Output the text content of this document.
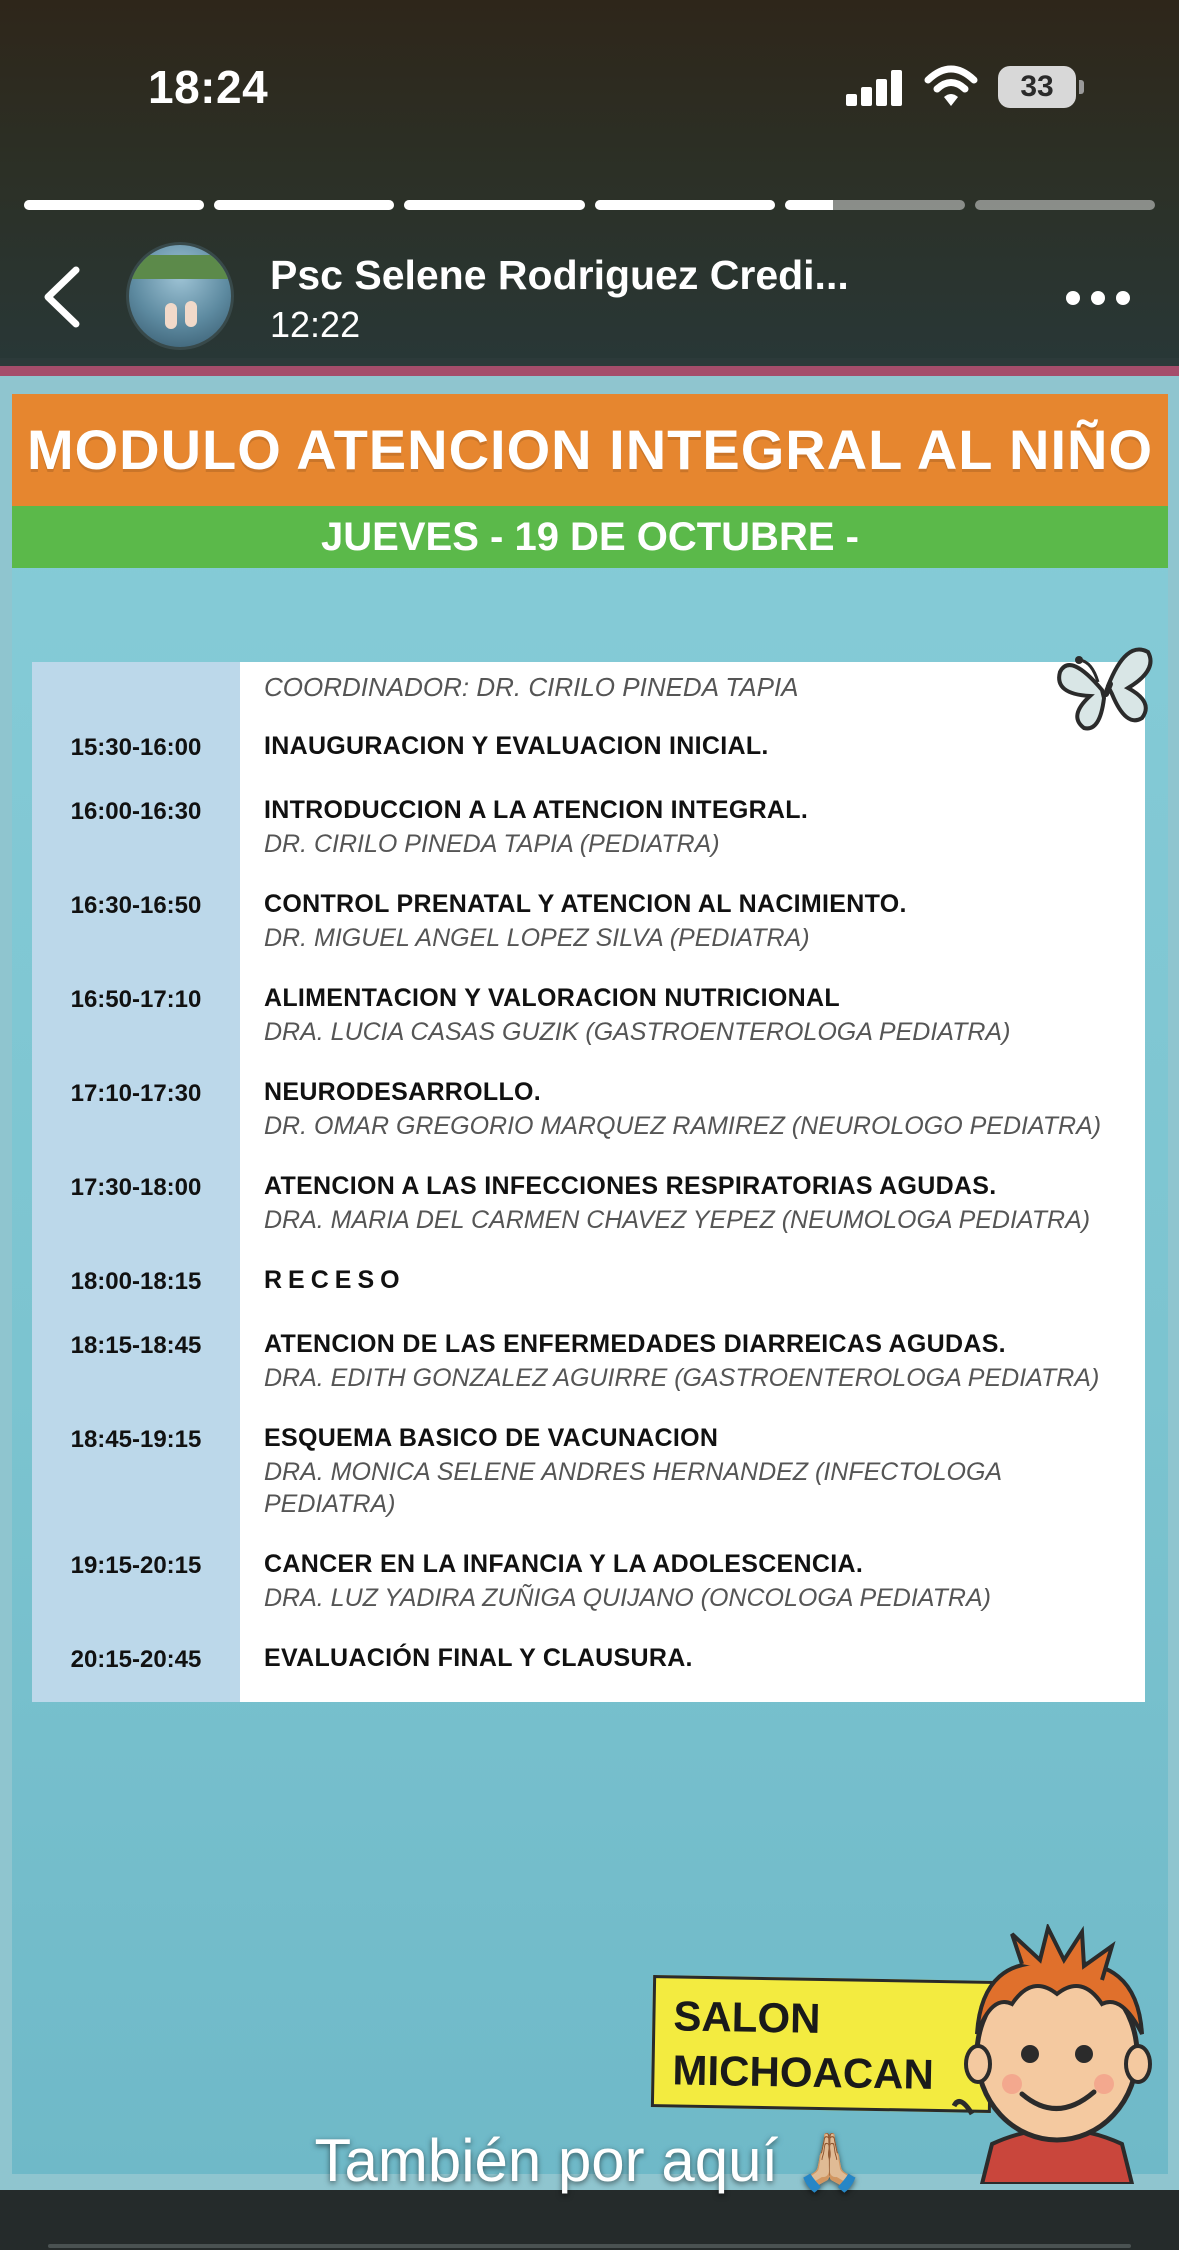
18:24	33
Psc Selene Rodriguez Credi...
12:22
MODULO ATENCION INTEGRAL AL NIÑO
JUEVES - 19 DE OCTUBRE -
COORDINADOR: DR. CIRILO PINEDA TAPIA
15:30-16:00	INAUGURACION Y EVALUACION INICIAL.
16:00-16:30	INTRODUCCION A LA ATENCION INTEGRAL.
DR. CIRILO PINEDA TAPIA (PEDIATRA)
16:30-16:50	CONTROL PRENATAL Y ATENCION AL NACIMIENTO.
DR. MIGUEL ANGEL LOPEZ SILVA (PEDIATRA)
16:50-17:10	ALIMENTACION Y VALORACION NUTRICIONAL
DRA. LUCIA CASAS GUZIK (GASTROENTEROLOGA PEDIATRA)
17:10-17:30	NEURODESARROLLO.
DR. OMAR GREGORIO MARQUEZ RAMIREZ (NEUROLOGO PEDIATRA)
17:30-18:00	ATENCION A LAS INFECCIONES RESPIRATORIAS AGUDAS.
DRA. MARIA DEL CARMEN CHAVEZ YEPEZ (NEUMOLOGA PEDIATRA)
18:00-18:15	RECESO
18:15-18:45	ATENCION DE LAS ENFERMEDADES DIARREICAS AGUDAS.
DRA. EDITH GONZALEZ AGUIRRE (GASTROENTEROLOGA PEDIATRA)
18:45-19:15	ESQUEMA BASICO DE VACUNACION
DRA. MONICA SELENE ANDRES HERNANDEZ (INFECTOLOGA PEDIATRA)
19:15-20:15	CANCER EN LA INFANCIA Y LA ADOLESCENCIA.
DRA. LUZ YADIRA ZUÑIGA QUIJANO (ONCOLOGA PEDIATRA)
20:15-20:45	EVALUACIÓN FINAL Y CLAUSURA.
SALON
MICHOACAN
También por aquí 🙏🏼
